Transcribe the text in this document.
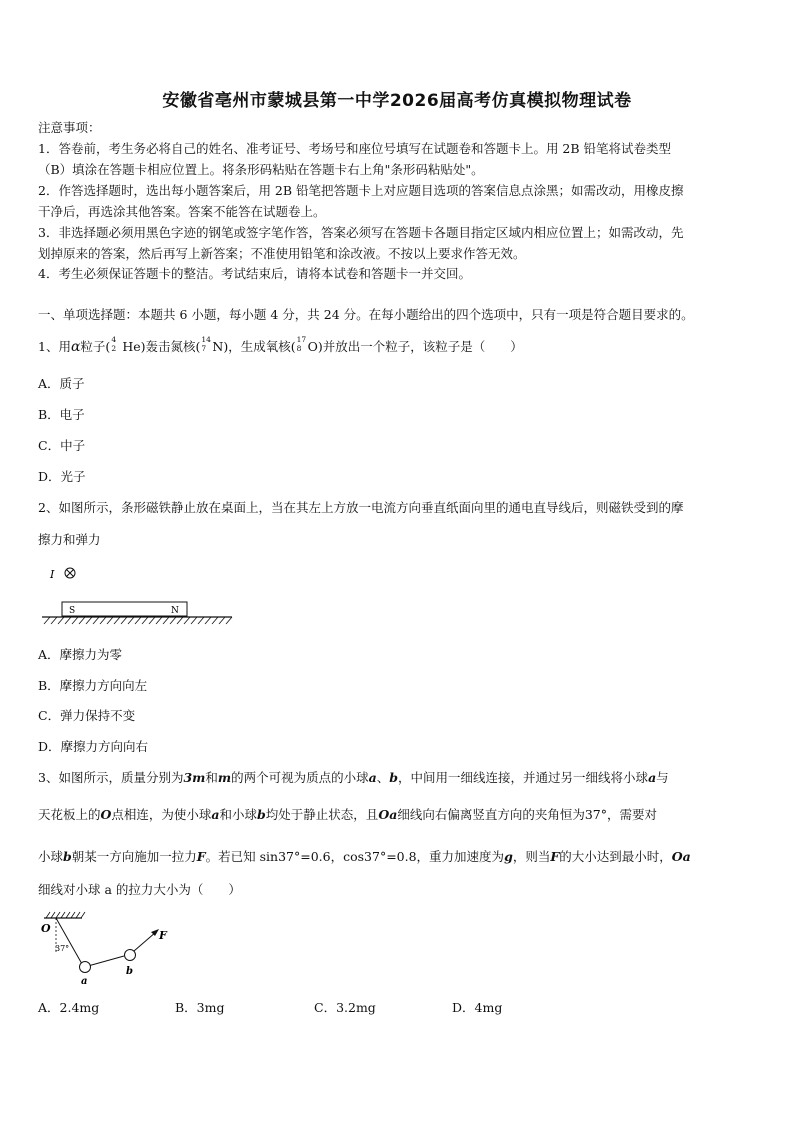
安徽省亳州市蒙城县第一中学2026届高考仿真模拟物理试卷
注意事项：
1．答卷前，考生务必将自己的姓名、准考证号、考场号和座位号填写在试题卷和答题卡上。用 2B 铅笔将试卷类型
（B）填涂在答题卡相应位置上。将条形码粘贴在答题卡右上角"条形码粘贴处"。
2．作答选择题时，选出每小题答案后，用 2B 铅笔把答题卡上对应题目选项的答案信息点涂黑；如需改动，用橡皮擦
干净后，再选涂其他答案。答案不能答在试题卷上。
3．非选择题必须用黑色字迹的钢笔或签字笔作答，答案必须写在答题卡各题目指定区域内相应位置上；如需改动，先
划掉原来的答案，然后再写上新答案；不准使用铅笔和涂改液。不按以上要求作答无效。
4．考生必须保证答题卡的整洁。考试结束后，请将本试卷和答题卡一并交回。
一、单项选择题：本题共 6 小题，每小题 4 分，共 24 分。在每小题给出的四个选项中，只有一项是符合题目要求的。
1、用α粒子( 4
2 He)轰击氮核( 14
7 N)，生成氧核( 17
8 O)并放出一个粒子，该粒子是（　　）
A．质子
B．电子
C．中子
D．光子
2、如图所示，条形磁铁静止放在桌面上，当在其左上方放一电流方向垂直纸面向里的通电直导线后，则磁铁受到的摩
擦力和弹力
I
S	N
A．摩擦力为零
B．摩擦力方向向左
C．弹力保持不变
D．摩擦力方向向右
3、如图所示，质量分别为3m和m的两个可视为质点的小球a、b，中间用一细线连接，并通过另一细线将小球a与
天花板上的O点相连，为使小球a和小球b均处于静止状态，且Oa细线向右偏离竖直方向的夹角恒为37°，需要对
小球b朝某一方向施加一拉力F。若已知 sin37°=0.6，cos37°=0.8，重力加速度为g，则当F的大小达到最小时，Oa
细线对小球 a 的拉力大小为（　　）
O
37°
a
b
F
A．2.4mg	B．3mg	C．3.2mg	D．4mg
